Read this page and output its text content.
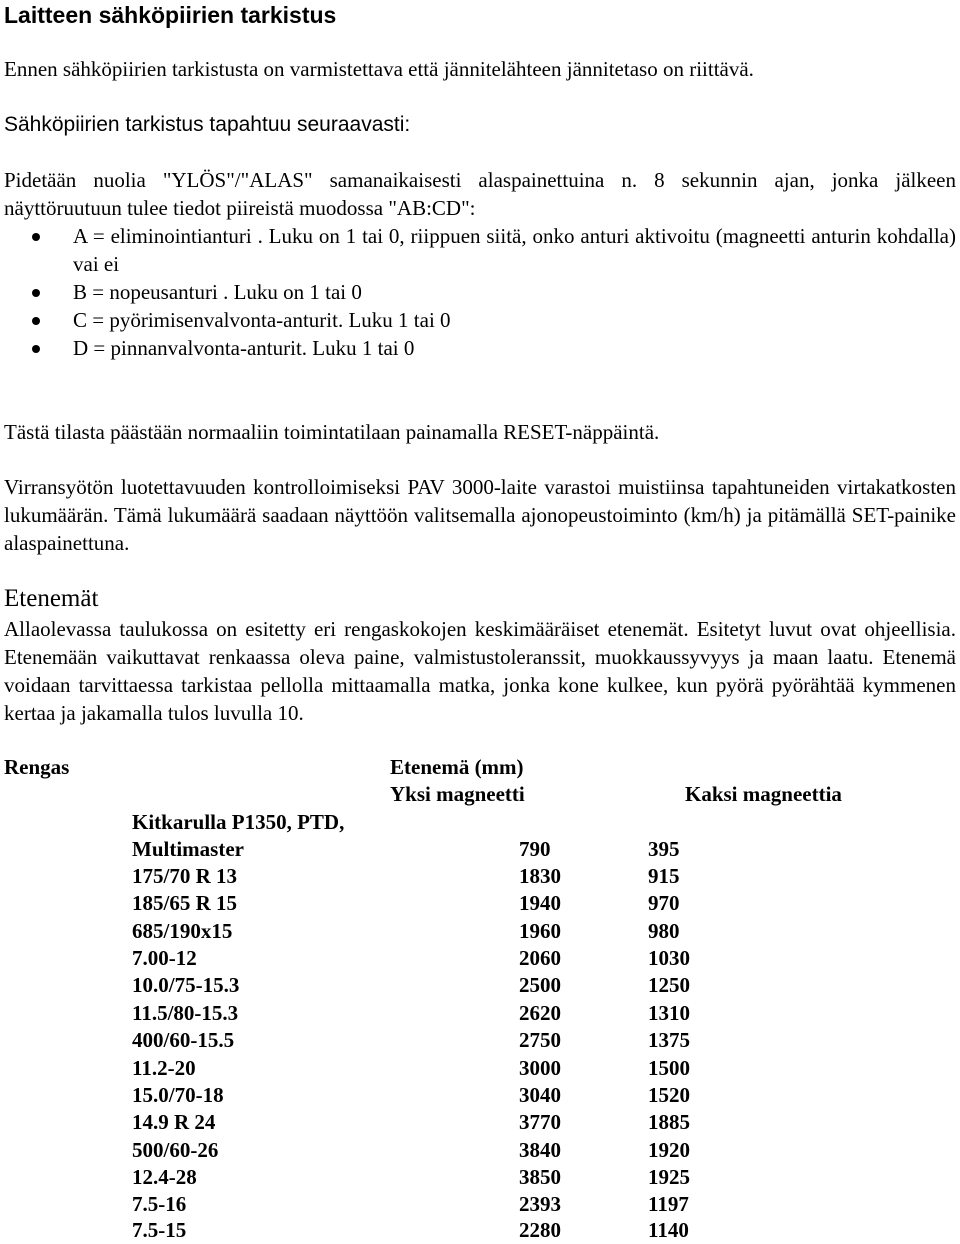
Laitteen sähköpiirien tarkistus

Ennen sähköpiirien tarkistusta on varmistettava että jännitelähteen jännitetaso on riittävä.

Sähköpiirien tarkistus tapahtuu seuraavasti:

Pidetään nuolia "YLÖS"/"ALAS" samanaikaisesti alaspainettuina n. 8 sekunnin ajan, jonka jälkeen näyttöruutuun tulee tiedot piireistä muodossa "AB:CD":

A = eliminointianturi . Luku on 1 tai 0, riippuen siitä, onko anturi aktivoitu (magneetti anturin kohdalla) vai ei
B = nopeusanturi . Luku on 1 tai 0
C = pyörimisenvalvonta-anturit. Luku 1 tai 0
D = pinnanvalvonta-anturit. Luku 1 tai 0

Tästä tilasta päästään normaaliin toimintatilaan painamalla RESET-näppäintä.

Virransyötön luotettavuuden kontrolloimiseksi PAV 3000-laite varastoi muistiinsa tapahtuneiden virtakatkosten lukumäärän. Tämä lukumäärä saadaan näyttöön valitsemalla ajonopeustoiminto (km/h) ja pitämällä SET-painike alaspainettuna.

Etenemät

Allaolevassa taulukossa on esitetty eri rengaskokojen keskimääräiset etenemät. Esitetyt luvut ovat ohjeellisia. Etenemään vaikuttavat renkaassa oleva paine, valmistustoleranssit, muokkaussyvyys ja maan laatu. Etenemä voidaan tarvittaessa tarkistaa pellolla mittaamalla matka, jonka kone kulkee, kun pyörä pyörähtää kymmenen kertaa ja jakamalla tulos luvulla 10.

Rengas	Etenemä (mm)
Yksi magneetti	Kaksi magneettia
Kitkarulla P1350, PTD,
Multimaster	790	395
175/70 R 13	1830	915
185/65 R 15	1940	970
685/190x15	1960	980
7.00-12	2060	1030
10.0/75-15.3	2500	1250
11.5/80-15.3	2620	1310
400/60-15.5	2750	1375
11.2-20	3000	1500
15.0/70-18	3040	1520
14.9 R 24	3770	1885
500/60-26	3840	1920
12.4-28	3850	1925
7.5-16	2393	1197
7.5-15	2280	1140
